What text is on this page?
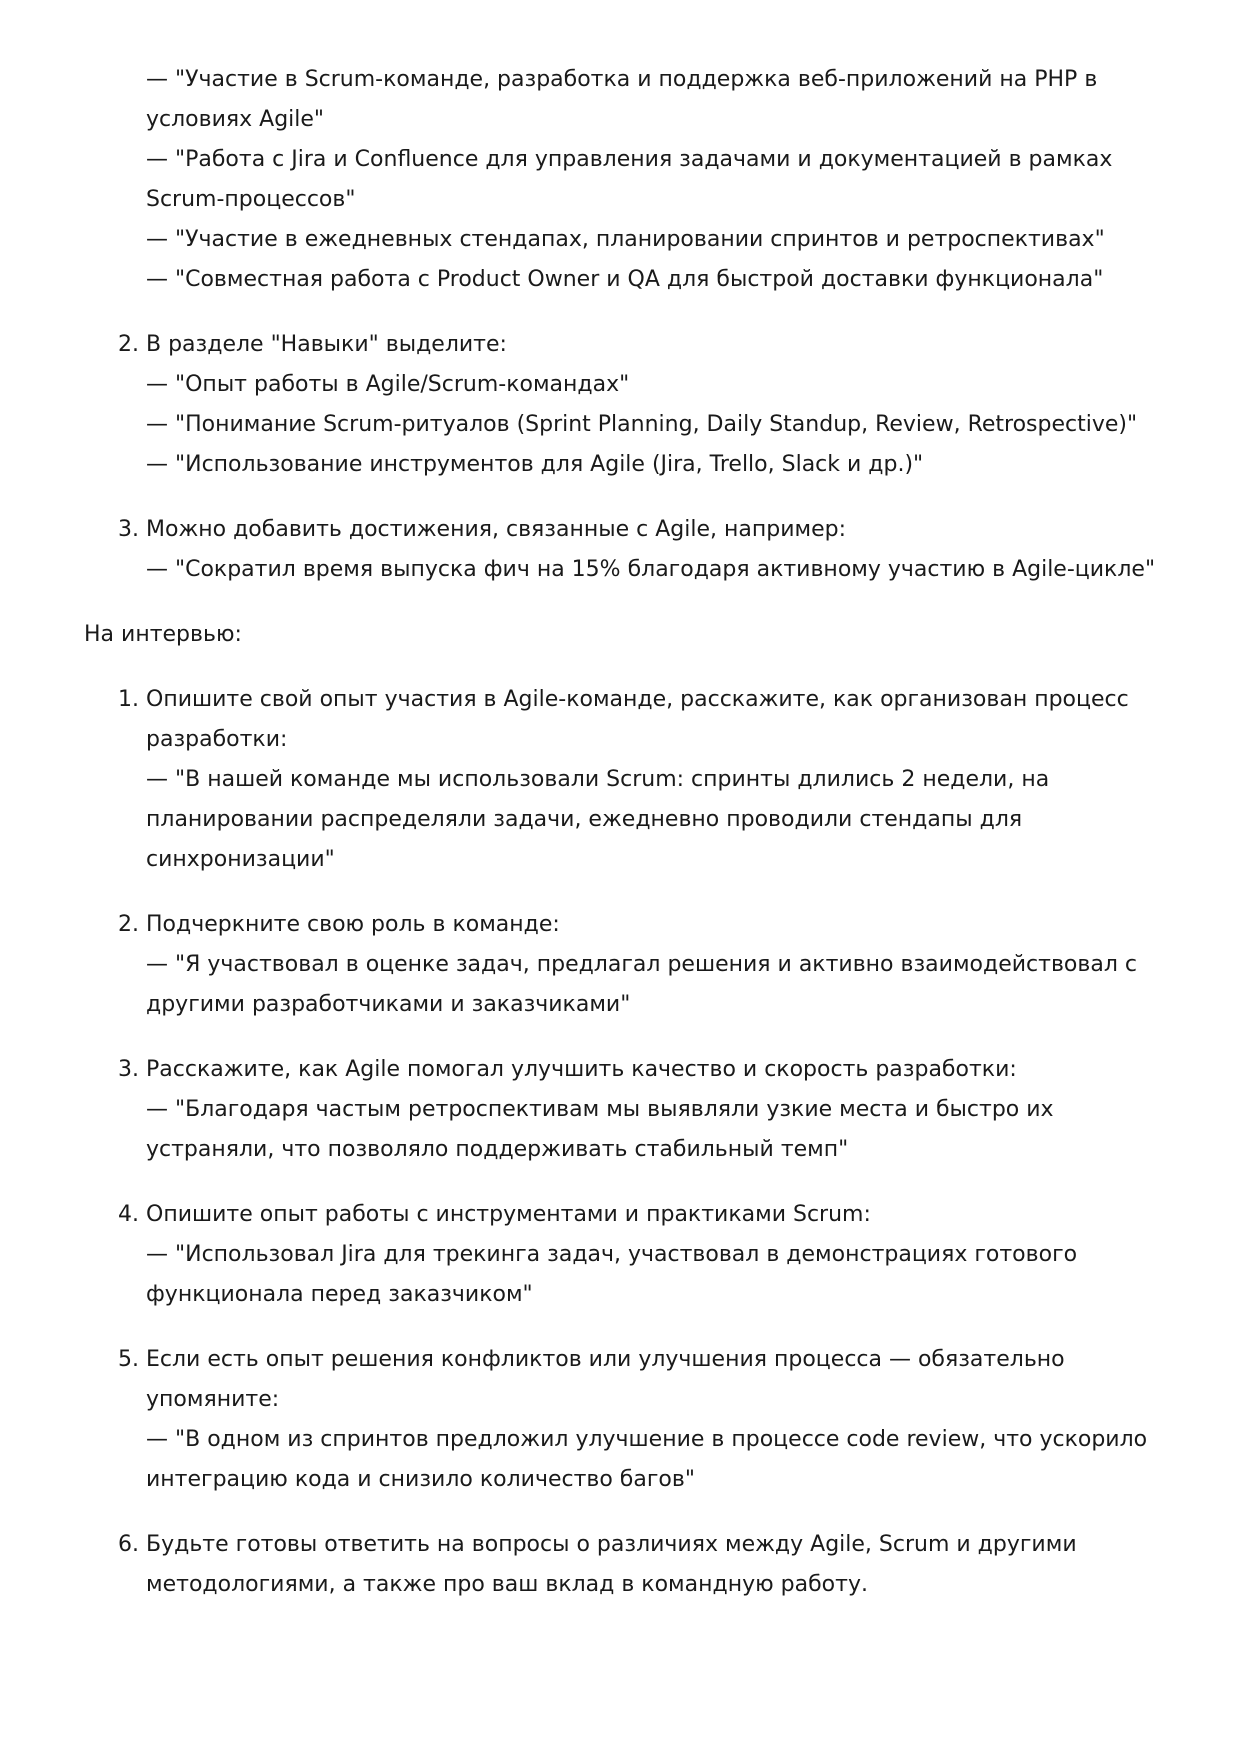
— "Участие в Scrum-команде, разработка и поддержка веб-приложений на PHP в
условиях Agile"
— "Работа с Jira и Confluence для управления задачами и документацией в рамках
Scrum-процессов"
— "Участие в ежедневных стендапах, планировании спринтов и ретроспективах"
— "Совместная работа с Product Owner и QA для быстрой доставки функционала"
2. В разделе "Навыки" выделите:
— "Опыт работы в Agile/Scrum-командах"
— "Понимание Scrum-ритуалов (Sprint Planning, Daily Standup, Review, Retrospective)"
— "Использование инструментов для Agile (Jira, Trello, Slack и др.)"
3. Можно добавить достижения, связанные с Agile, например:
— "Сократил время выпуска фич на 15% благодаря активному участию в Agile-цикле"
На интервью:
1. Опишите свой опыт участия в Agile-команде, расскажите, как организован процесс
разработки:
— "В нашей команде мы использовали Scrum: спринты длились 2 недели, на
планировании распределяли задачи, ежедневно проводили стендапы для
синхронизации"
2. Подчеркните свою роль в команде:
— "Я участвовал в оценке задач, предлагал решения и активно взаимодействовал с
другими разработчиками и заказчиками"
3. Расскажите, как Agile помогал улучшить качество и скорость разработки:
— "Благодаря частым ретроспективам мы выявляли узкие места и быстро их
устраняли, что позволяло поддерживать стабильный темп"
4. Опишите опыт работы с инструментами и практиками Scrum:
— "Использовал Jira для трекинга задач, участвовал в демонстрациях готового
функционала перед заказчиком"
5. Если есть опыт решения конфликтов или улучшения процесса — обязательно
упомяните:
— "В одном из спринтов предложил улучшение в процессе code review, что ускорило
интеграцию кода и снизило количество багов"
6. Будьте готовы ответить на вопросы о различиях между Agile, Scrum и другими
методологиями, а также про ваш вклад в командную работу.
